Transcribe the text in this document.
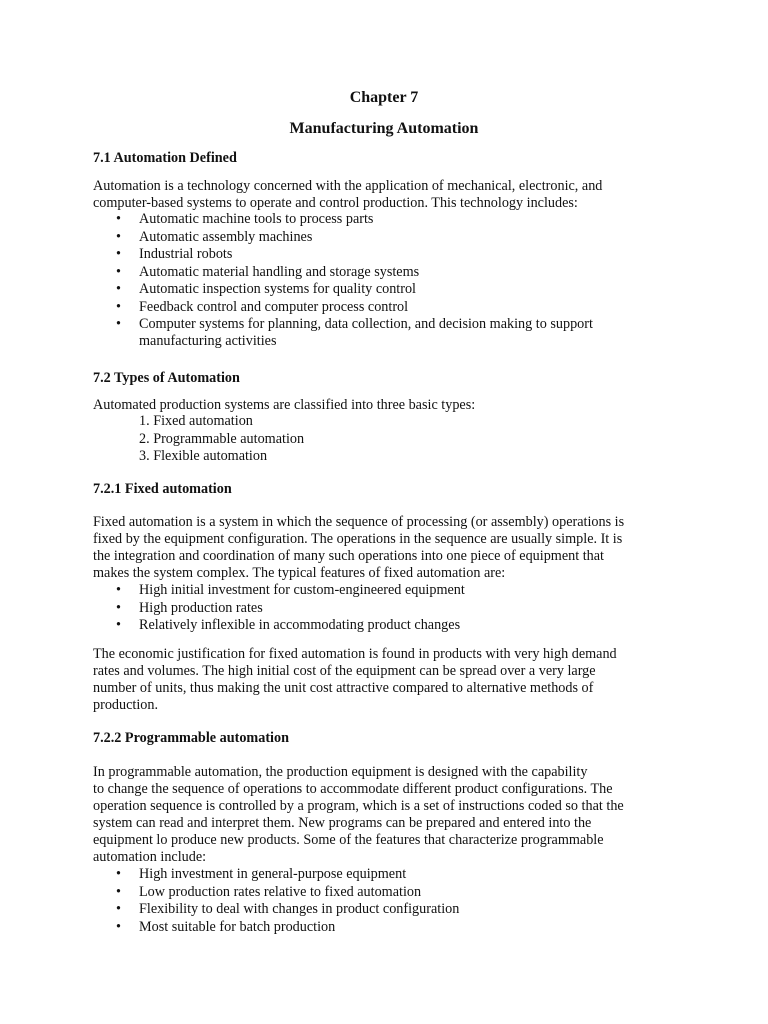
Chapter 7

Manufacturing Automation

7.1 Automation Defined

Automation is a technology concerned with the application of mechanical, electronic, and
computer-based systems to operate and control production. This technology includes:

• Automatic machine tools to process parts
• Automatic assembly machines
• Industrial robots
• Automatic material handling and storage systems
• Automatic inspection systems for quality control
• Feedback control and computer process control
• Computer systems for planning, data collection, and decision making to support
manufacturing activities

7.2 Types of Automation

Automated production systems are classified into three basic types:

1. Fixed automation
2. Programmable automation
3. Flexible automation

7.2.1 Fixed automation

Fixed automation is a system in which the sequence of processing (or assembly) operations is
fixed by the equipment configuration. The operations in the sequence are usually simple. It is
the integration and coordination of many such operations into one piece of equipment that
makes the system complex. The typical features of fixed automation are:

• High initial investment for custom-engineered equipment
• High production rates
• Relatively inflexible in accommodating product changes

The economic justification for fixed automation is found in products with very high demand
rates and volumes. The high initial cost of the equipment can be spread over a very large
number of units, thus making the unit cost attractive compared to alternative methods of
production.

7.2.2 Programmable automation

In programmable automation, the production equipment is designed with the capability
to change the sequence of operations to accommodate different product configurations. The
operation sequence is controlled by a program, which is a set of instructions coded so that the
system can read and interpret them. New programs can be prepared and entered into the
equipment lo produce new products. Some of the features that characterize programmable
automation include:

• High investment in general-purpose equipment
• Low production rates relative to fixed automation
• Flexibility to deal with changes in product configuration
• Most suitable for batch production
